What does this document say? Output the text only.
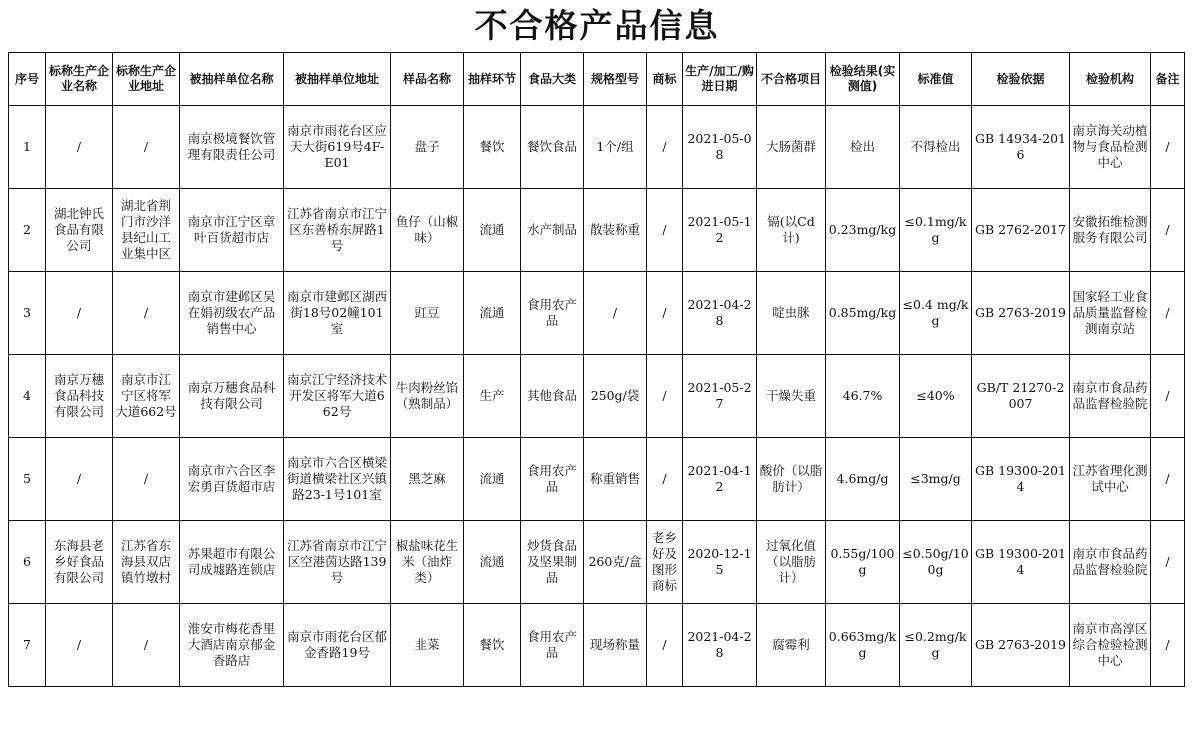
不合格产品信息
序号	标称生产企业名称	标称生产企业地址	被抽样单位名称	被抽样单位地址	样品名称	抽样环节	食品大类	规格型号	商标	生产/加工/购进日期	不合格项目	检验结果(实测值)	标准值	检验依据	检验机构	备注
1	/	/	南京极境餐饮管理有限责任公司	南京市雨花台区应天大街619号4F-E01	盘子	餐饮	餐饮食品	1个/组	/	2021-05-08	大肠菌群	检出	不得检出	GB 14934-2016	南京海关动植物与食品检测中心	/
2	湖北钟氏食品有限公司	湖北省荆门市沙洋县纪山工业集中区	南京市江宁区章叶百货超市店	江苏省南京市江宁区东善桥东屏路1号	鱼仔（山椒味）	流通	水产制品	散装称重	/	2021-05-12	镉(以Cd计)	0.23mg/kg	≤0.1mg/kg	GB 2762-2017	安徽拓维检测服务有限公司	/
3	/	/	南京市建邺区吴在娟初级农产品销售中心	南京市建邺区湖西街18号02幢101室	豇豆	流通	食用农产品	/	/	2021-04-28	啶虫脒	0.85mg/kg	≤0.4 mg/kg	GB 2763-2019	国家轻工业食品质量监督检测南京站	/
4	南京万穗食品科技有限公司	南京市江宁区将军大道662号	南京万穗食品科技有限公司	南京江宁经济技术开发区将军大道662号	牛肉粉丝馅（熟制品）	生产	其他食品	250g/袋	/	2021-05-27	干燥失重	46.7%	≤40%	GB/T 21270-2007	南京市食品药品监督检验院	/
5	/	/	南京市六合区李宏勇百货超市店	南京市六合区横梁街道横梁社区兴镇路23-1号101室	黑芝麻	流通	食用农产品	称重销售	/	2021-04-12	酸价（以脂肪计）	4.6mg/g	≤3mg/g	GB 19300-2014	江苏省理化测试中心	/
6	东海县老乡好食品有限公司	江苏省东海县双店镇竹墩村	苏果超市有限公司成墟路连锁店	江苏省南京市江宁区空港茵达路139号	椒盐味花生米（油炸类）	流通	炒货食品及坚果制品	260克/盒	老乡好及图形商标	2020-12-15	过氧化值（以脂肪计）	0.55g/100g	≤0.50g/100g	GB 19300-2014	南京市食品药品监督检验院	/
7	/	/	淮安市梅花香里大酒店南京郁金香路店	南京市雨花台区郁金香路19号	韭菜	餐饮	食用农产品	现场称量	/	2021-04-28	腐霉利	0.663mg/kg	≤0.2mg/kg	GB 2763-2019	南京市高淳区综合检验检测中心	/
